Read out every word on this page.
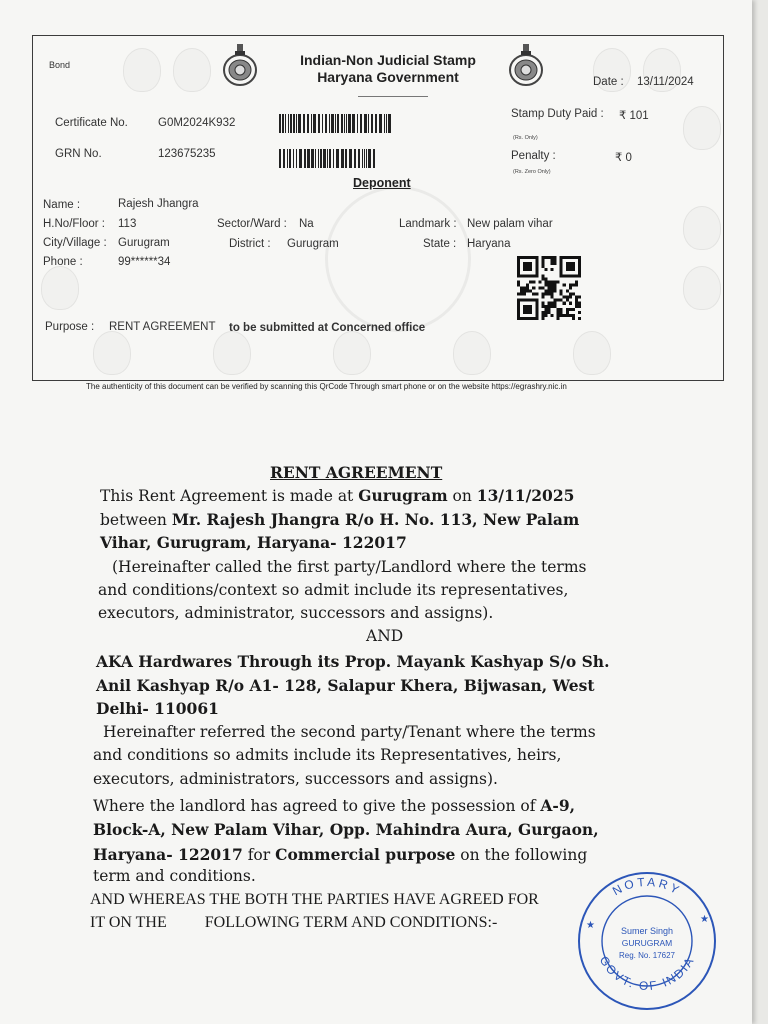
Bond	Indian-Non Judicial Stamp
Haryana Government	Date : 13/11/2024
Certificate No.	G0M2024K932
GRN No.	123675235
Stamp Duty Paid : ₹ 101
(Rs. Only)
Penalty :	₹ 0
(Rs. Zero Only)
Deponent
Name :	Rajesh Jhangra
H.No/Floor : 113	Sector/Ward : Na	Landmark : New palam vihar
City/Village : Gurugram	District : Gurugram	State : Haryana
Phone :	99******34
Purpose : RENT AGREEMENT to be submitted at Concerned office
The authenticity of this document can be verified by scanning this QrCode Through smart phone or on the website https://egrashry.nic.in
RENT AGREEMENT
This Rent Agreement is made at Gurugram on 13/11/2025
between Mr. Rajesh Jhangra R/o H. No. 113, New Palam
Vihar, Gurugram, Haryana- 122017
(Hereinafter called the first party/Landlord where the terms
and conditions/context so admit include its representatives,
executors, administrator, successors and assigns).
AND
AKA Hardwares Through its Prop. Mayank Kashyap S/o Sh.
Anil Kashyap R/o A1- 128, Salapur Khera, Bijwasan, West
Delhi- 110061
Hereinafter referred the second party/Tenant where the terms
and conditions so admits include its Representatives, heirs,
executors, administrators, successors and assigns).
Where the landlord has agreed to give the possession of A-9,
Block-A, New Palam Vihar, Opp. Mahindra Aura, Gurgaon,
Haryana- 122017 for Commercial purpose on the following
term and conditions.
AND WHEREAS THE BOTH THE PARTIES HAVE AGREED FOR
IT ON THE FOLLOWING TERM AND CONDITIONS:-
NOTARY
GOVT. OF INDIA
Sumer Singh
GURUGRAM
Reg. No. 17627
★
★
